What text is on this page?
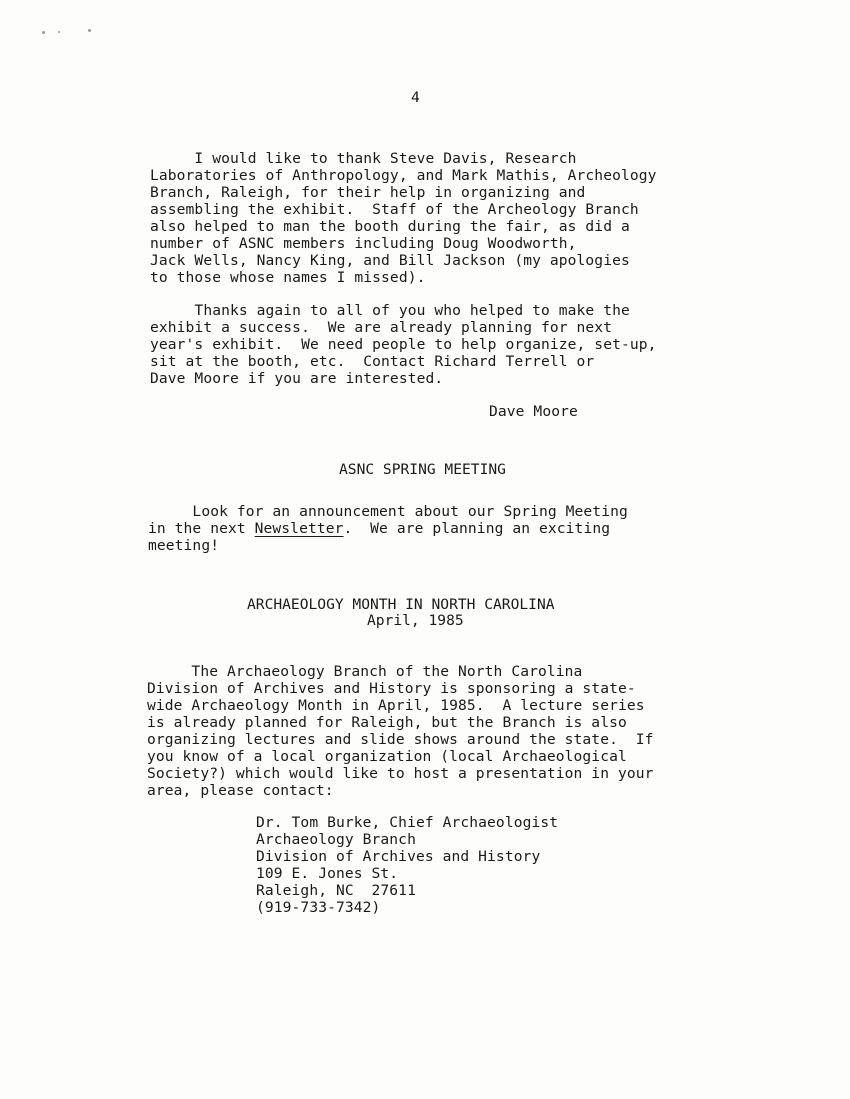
4
I would like to thank Steve Davis, Research
Laboratories of Anthropology, and Mark Mathis, Archeology
Branch, Raleigh, for their help in organizing and
assembling the exhibit.  Staff of the Archeology Branch
also helped to man the booth during the fair, as did a
number of ASNC members including Doug Woodworth,
Jack Wells, Nancy King, and Bill Jackson (my apologies
to those whose names I missed).
Thanks again to all of you who helped to make the
exhibit a success.  We are already planning for next
year's exhibit.  We need people to help organize, set-up,
sit at the booth, etc.  Contact Richard Terrell or
Dave Moore if you are interested.
Dave Moore
ASNC SPRING MEETING
Look for an announcement about our Spring Meeting
in the next Newsletter.  We are planning an exciting
meeting!
ARCHAEOLOGY MONTH IN NORTH CAROLINA
April, 1985
The Archaeology Branch of the North Carolina
Division of Archives and History is sponsoring a state-
wide Archaeology Month in April, 1985.  A lecture series
is already planned for Raleigh, but the Branch is also
organizing lectures and slide shows around the state.  If
you know of a local organization (local Archaeological
Society?) which would like to host a presentation in your
area, please contact:
Dr. Tom Burke, Chief Archaeologist
Archaeology Branch
Division of Archives and History
109 E. Jones St.
Raleigh, NC  27611
(919-733-7342)
